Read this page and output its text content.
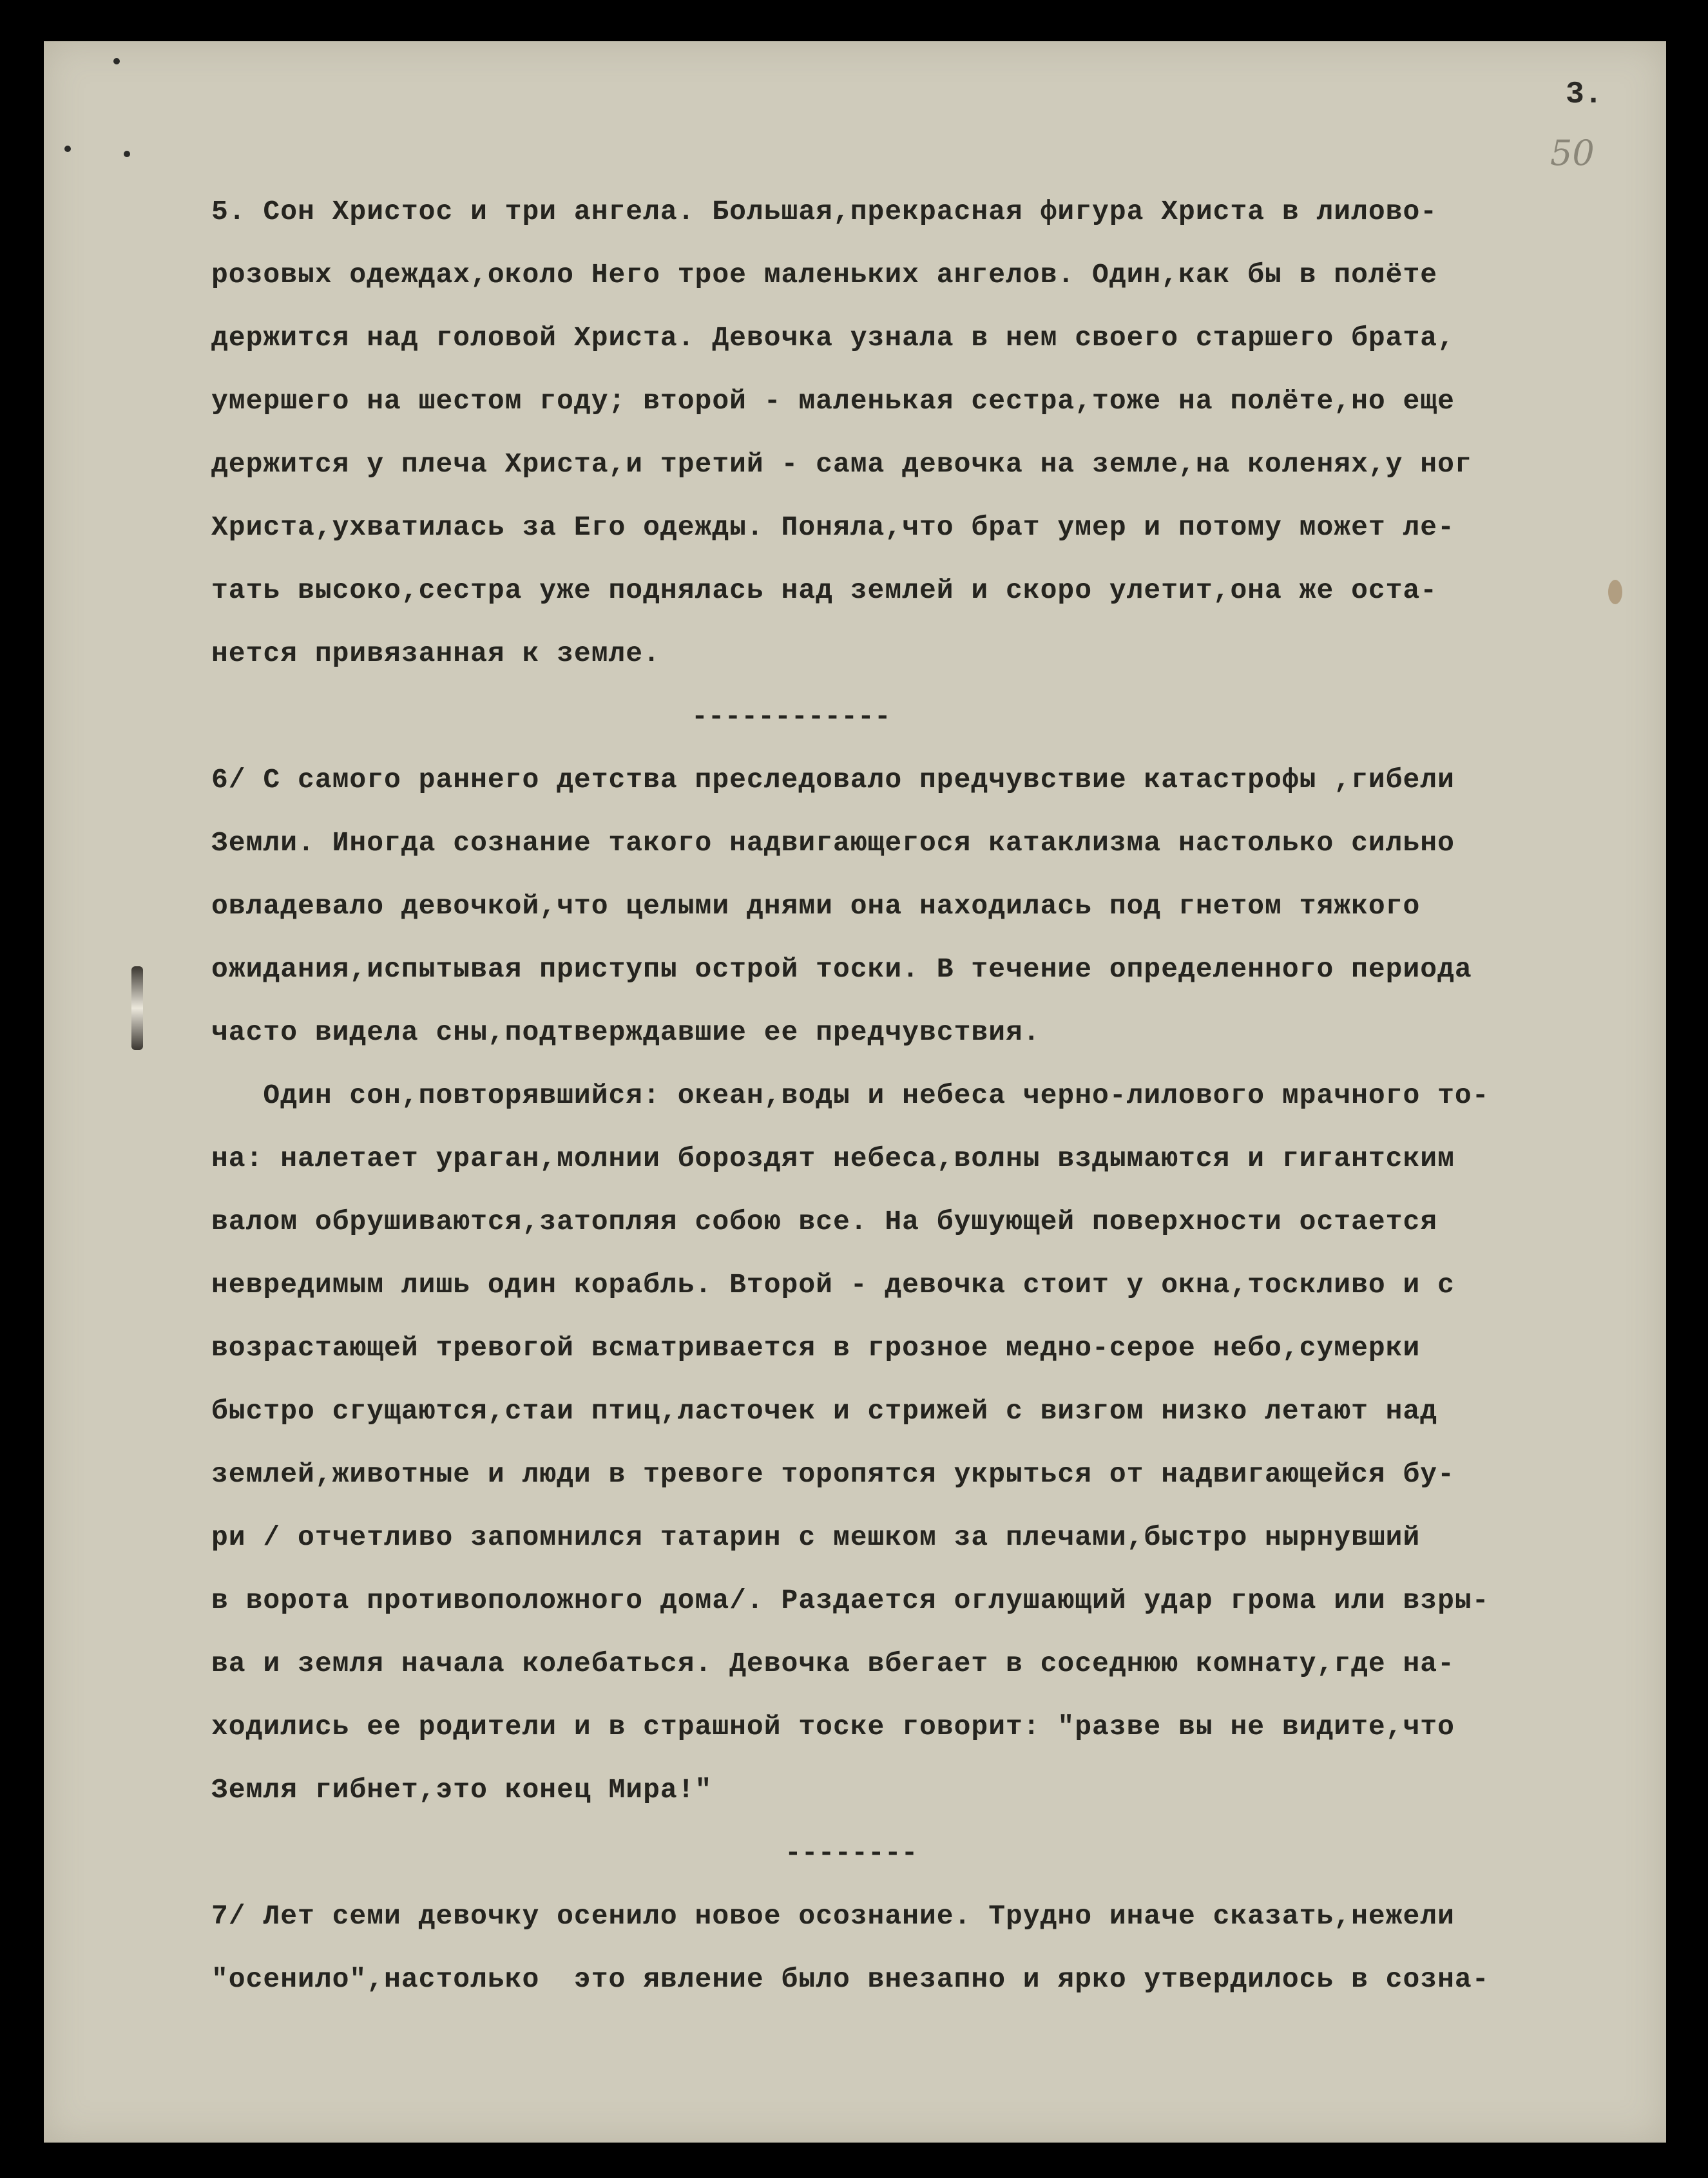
3.
50
5. Сон Христос и три ангела. Большая,прекрасная фигура Христа в лилово-
розовых одеждах,около Него трое маленьких ангелов. Один,как бы в полёте
держится над головой Христа. Девочка узнала в нем своего старшего брата,
умершего на шестом году; второй - маленькая сестра,тоже на полёте,но еще
держится у плеча Христа,и третий - сама девочка на земле,на коленях,у ног
Христа,ухватилась за Его одежды. Поняла,что брат умер и потому может ле-
тать высоко,сестра уже поднялась над землей и скоро улетит,она же оста-
нется привязанная к земле.
------------
6/ С самого раннего детства преследовало предчувствие катастрофы ,гибели
Земли. Иногда сознание такого надвигающегося катаклизма настолько сильно
овладевало девочкой,что целыми днями она находилась под гнетом тяжкого
ожидания,испытывая приступы острой тоски. В течение определенного периода
часто видела сны,подтверждавшие ее предчувствия.
Один сон,повторявшийся: океан,воды и небеса черно-лилового мрачного то-
на: налетает ураган,молнии бороздят небеса,волны вздымаются и гигантским
валом обрушиваются,затопляя собою все. На бушующей поверхности остается
невредимым лишь один корабль. Второй - девочка стоит у окна,тоскливо и с
возрастающей тревогой всматривается в грозное медно-серое небо,сумерки
быстро сгущаются,стаи птиц,ласточек и стрижей с визгом низко летают над
землей,животные и люди в тревоге торопятся укрыться от надвигающейся бу-
ри / отчетливо запомнился татарин с мешком за плечами,быстро нырнувший
в ворота противоположного дома/. Раздается оглушающий удар грома или взры-
ва и земля начала колебаться. Девочка вбегает в соседнюю комнату,где на-
ходились ее родители и в страшной тоске говорит: "разве вы не видите,что
Земля гибнет,это конец Мира!"
--------
7/ Лет семи девочку осенило новое осознание. Трудно иначе сказать,нежели
"осенило",настолько  это явление было внезапно и ярко утвердилось в созна-
